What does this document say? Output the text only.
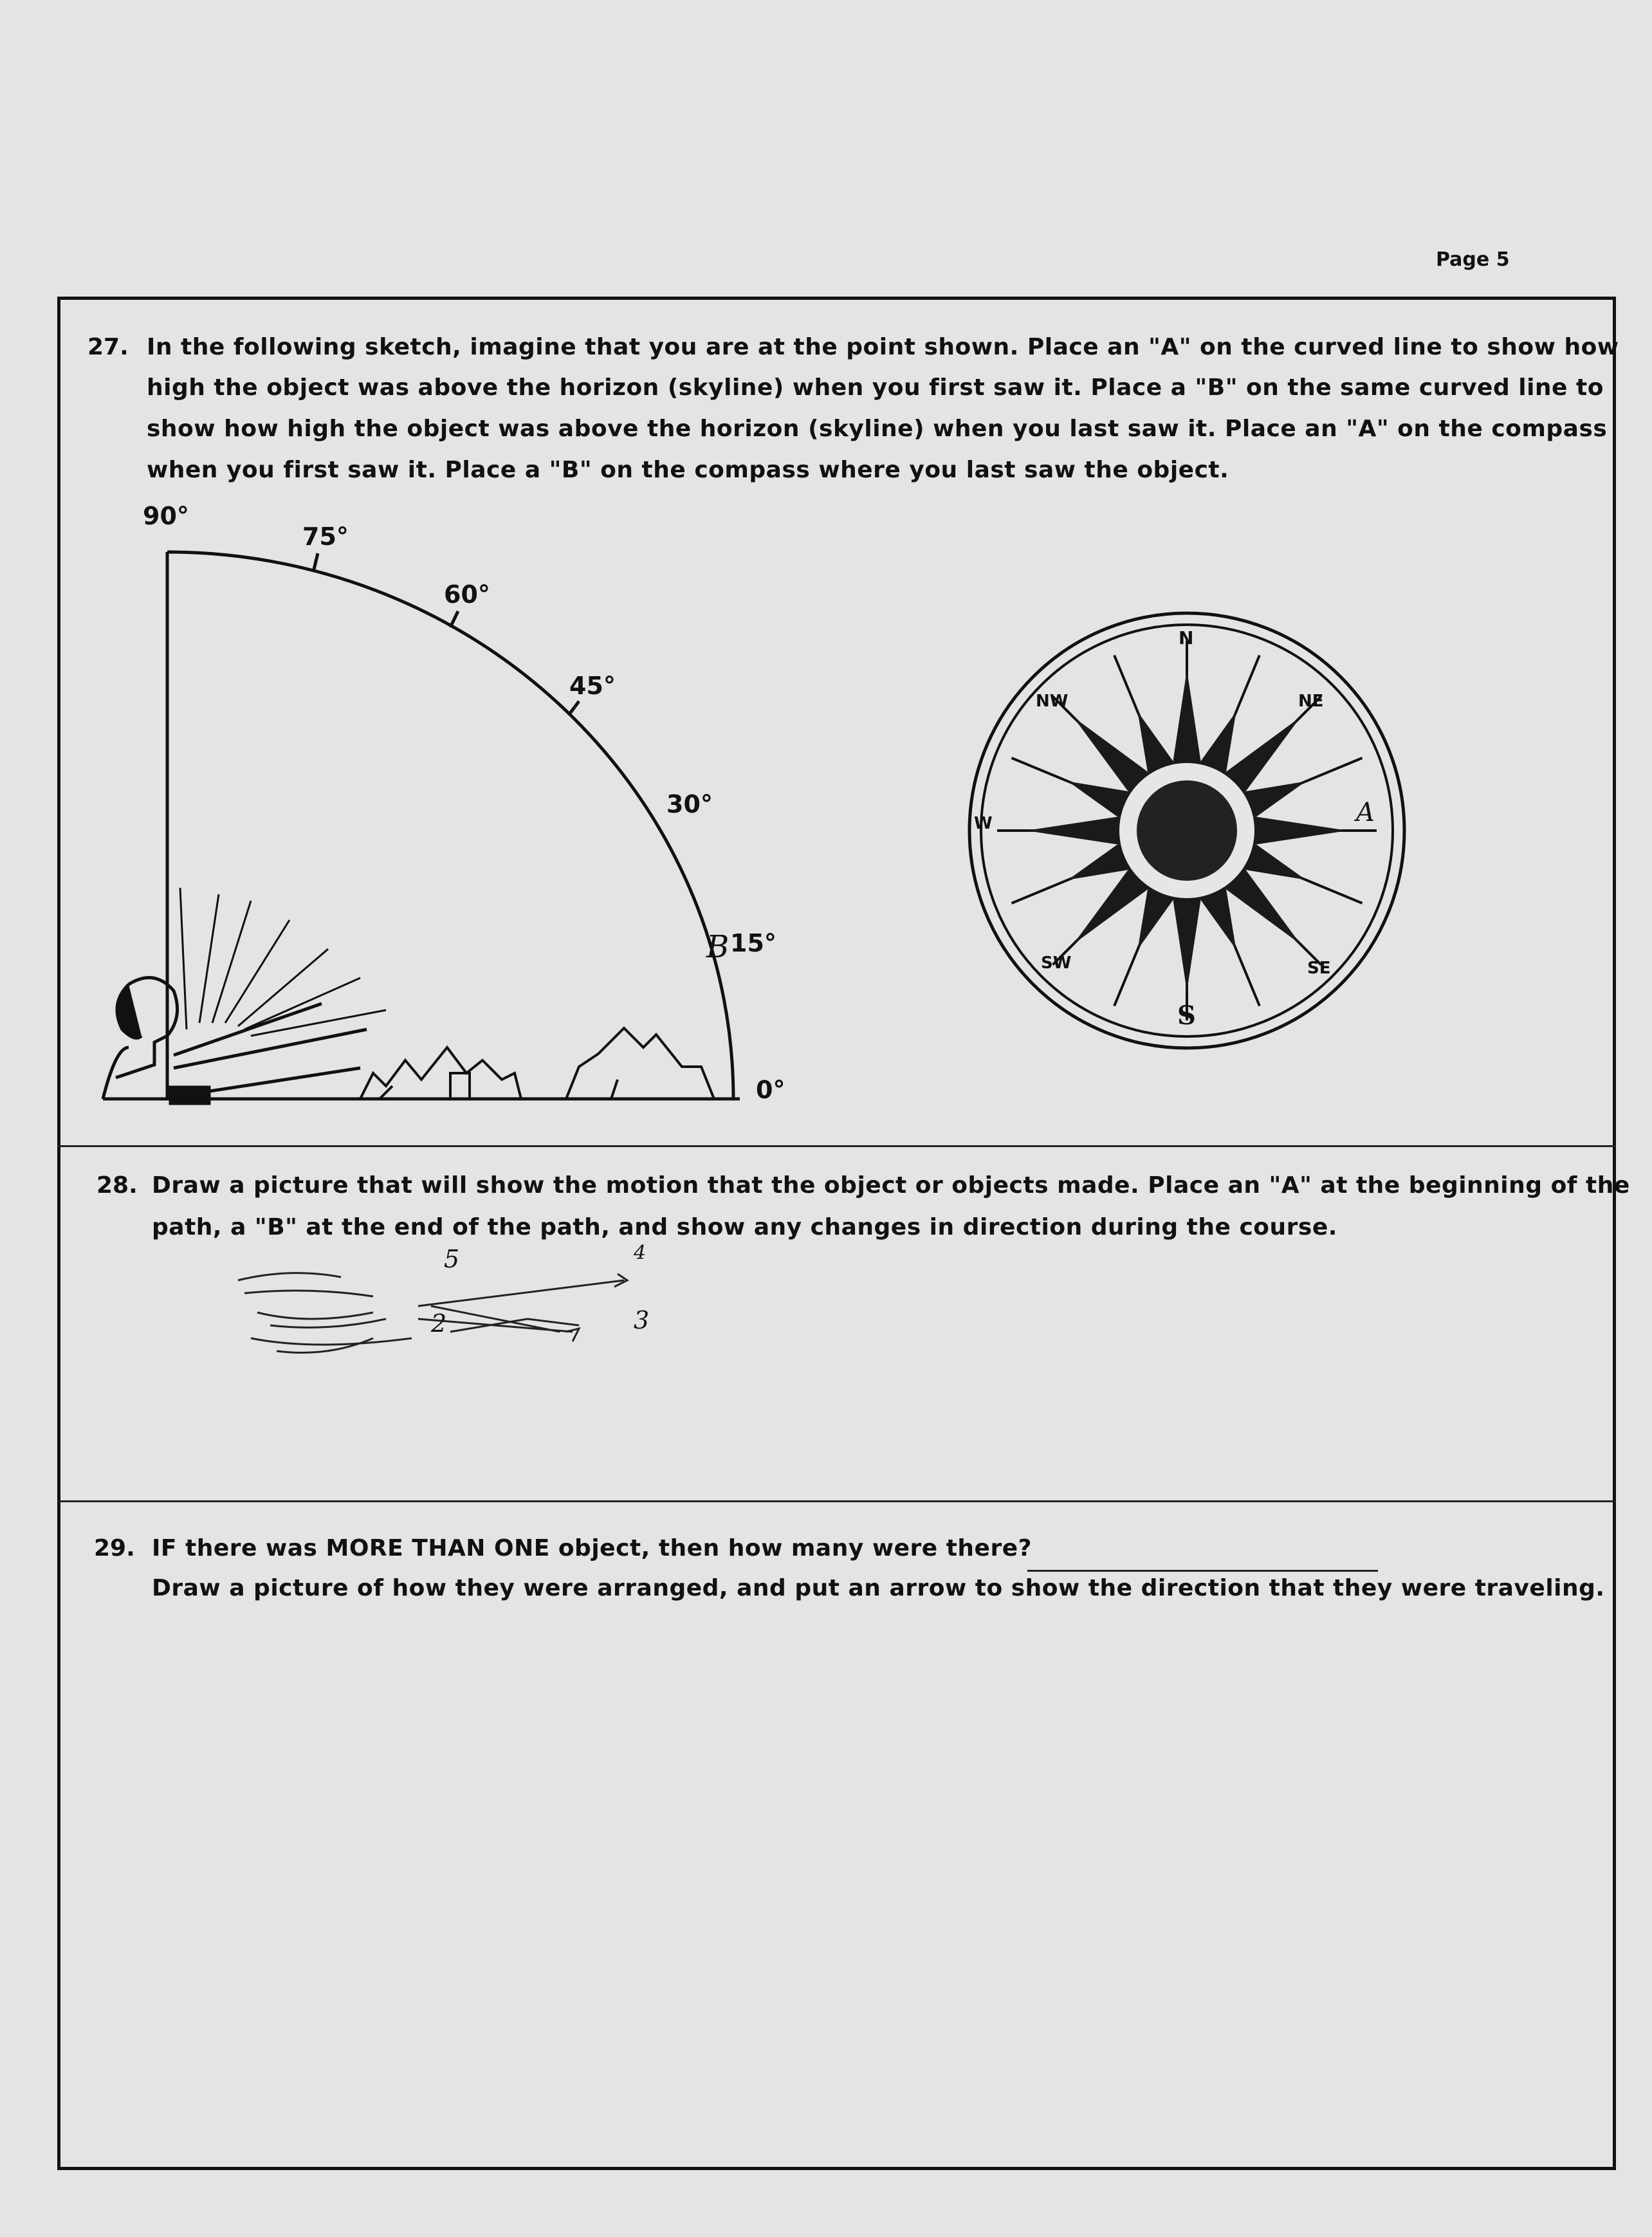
Page 5
27. In the following sketch, imagine that you are at the point shown. Place an "A" on the curved line to show how
high the object was above the horizon (skyline) when you first saw it. Place a "B" on the same curved line to
show how high the object was above the horizon (skyline) when you last saw it. Place an "A" on the compass
when you first saw it. Place a "B" on the compass where you last saw the object.
N
NW	NE
W	A
SW	SE
S
90°
75°
60°
45°
30°
B 15°
0°
28. Draw a picture that will show the motion that the object or objects made. Place an "A" at the beginning of the
path, a "B" at the end of the path, and show any changes in direction during the course.
5	4
3
2
29. IF there was MORE THAN ONE object, then how many were there?
Draw a picture of how they were arranged, and put an arrow to show the direction that they were traveling.
